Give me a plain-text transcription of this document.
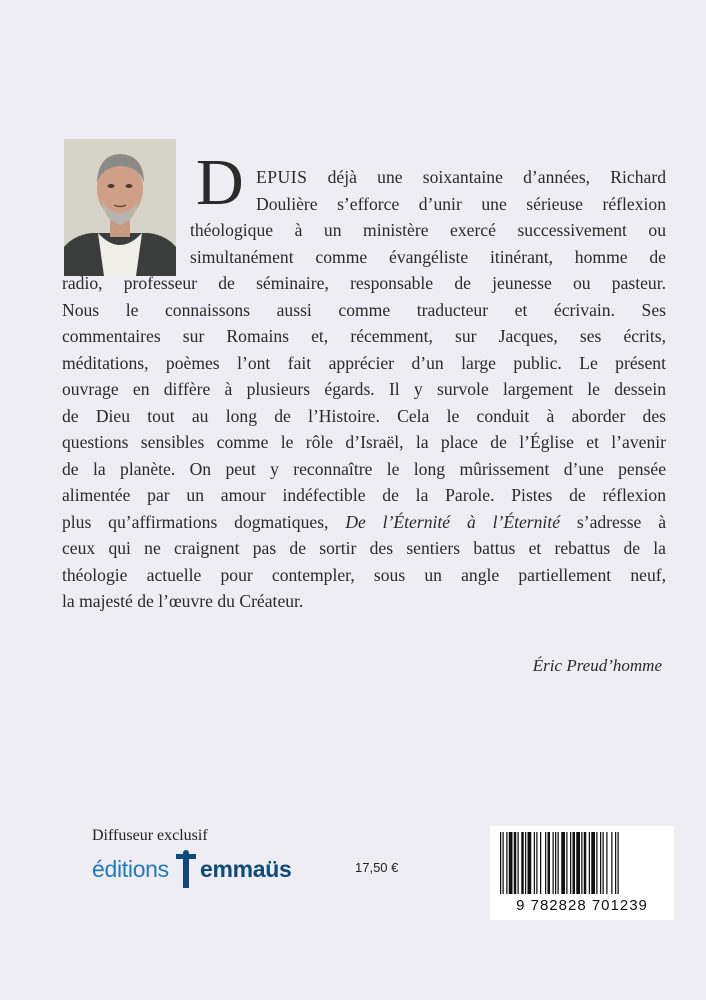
D EPUIS déjà une soixantaine d’années, Richard
Doulière s’efforce d’unir une sérieuse réflexion
théologique à un ministère exercé successivement ou
simultanément comme évangéliste itinérant, homme de
radio, professeur de séminaire, responsable de jeunesse ou pasteur.
Nous le connaissons aussi comme traducteur et écrivain. Ses
commentaires sur Romains et, récemment, sur Jacques, ses écrits,
méditations, poèmes l’ont fait apprécier d’un large public. Le présent
ouvrage en diffère à plusieurs égards. Il y survole largement le dessein
de Dieu tout au long de l’Histoire. Cela le conduit à aborder des
questions sensibles comme le rôle d’Israël, la place de l’Église et l’avenir
de la planète. On peut y reconnaître le long mûrissement d’une pensée
alimentée par un amour indéfectible de la Parole. Pistes de réflexion
plus qu’affirmations dogmatiques, De l’Éternité à l’Éternité s’adresse à
ceux qui ne craignent pas de sortir des sentiers battus et rebattus de la
théologie actuelle pour contempler, sous un angle partiellement neuf,
la majesté de l’œuvre du Créateur.
Éric Preud’homme
Diffuseur exclusif
éditions emmaüs	17,50 €
9 782828 701239
